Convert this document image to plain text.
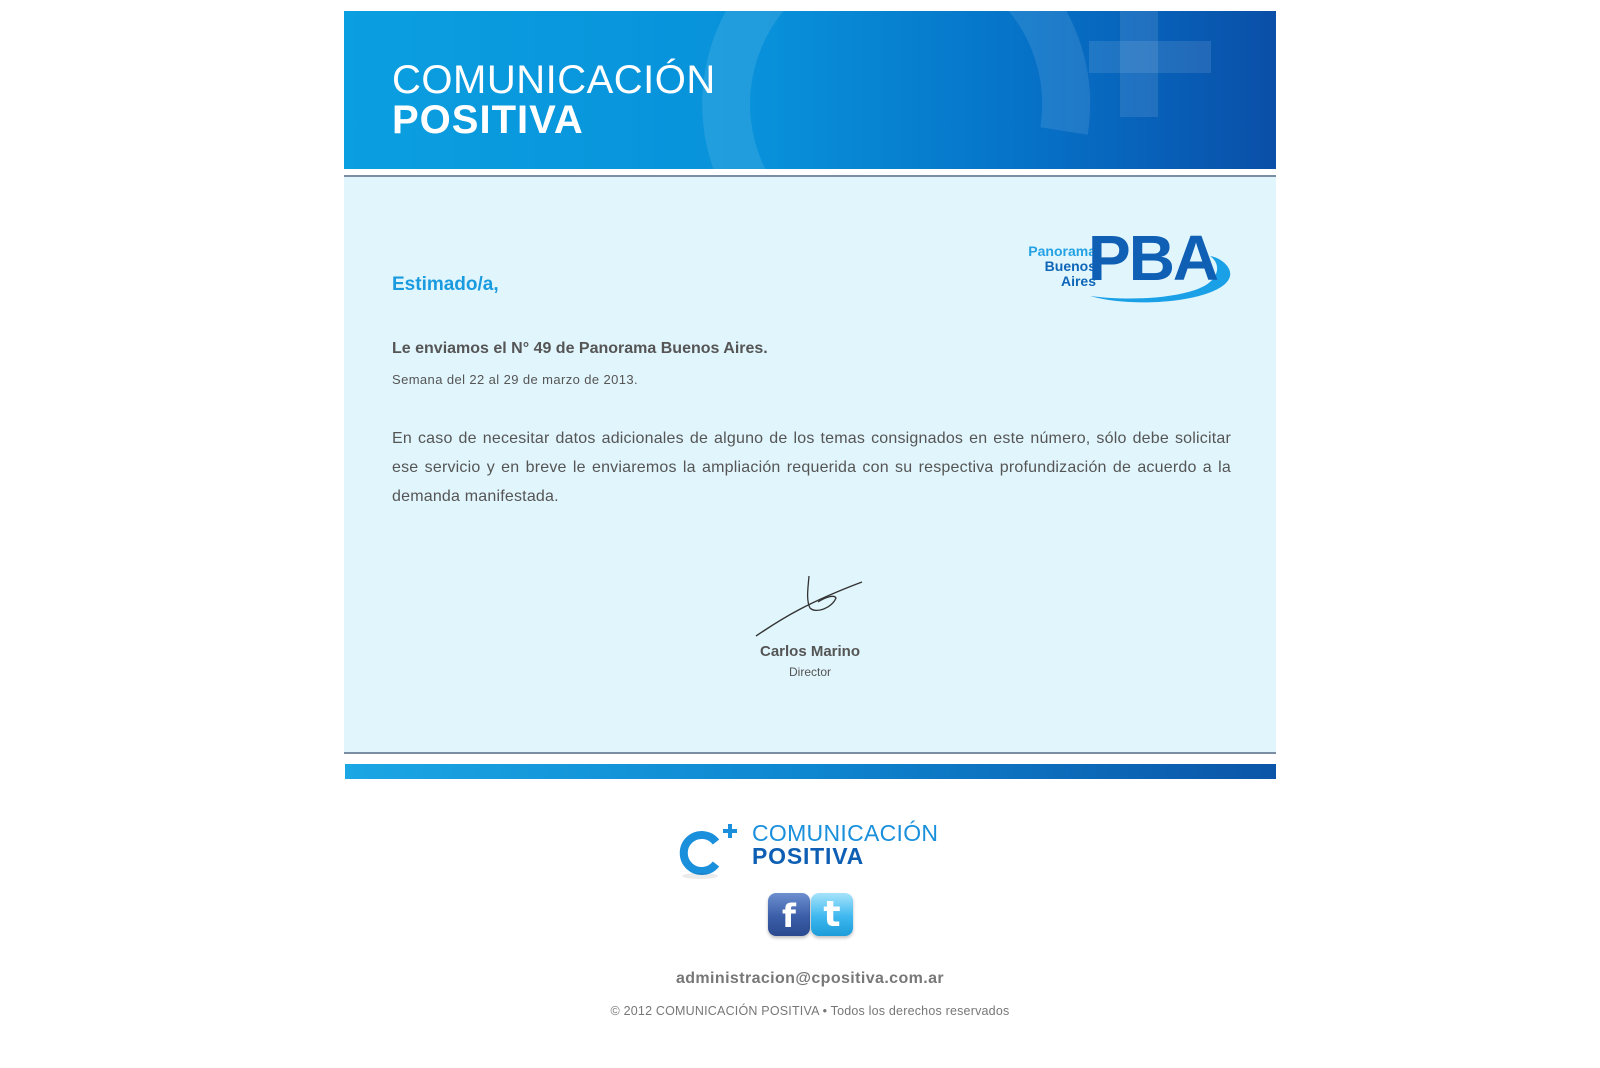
COMUNICACIÓN
POSITIVA
Panorama
Buenos
Aires
PBA
Estimado/a,
Le enviamos el N° 49 de Panorama Buenos Aires.
Semana del 22 al 29 de marzo de 2013.
En caso de necesitar datos adicionales de alguno de los temas consignados en este número, sólo debe solicitar ese servicio y en breve le enviaremos la ampliación requerida con su respectiva profundización de acuerdo a la demanda manifestada.
Carlos Marino
Director
COMUNICACIÓN
POSITIVA
f t
administracion@cpositiva.com.ar
© 2012 COMUNICACIÓN POSITIVA • Todos los derechos reservados
